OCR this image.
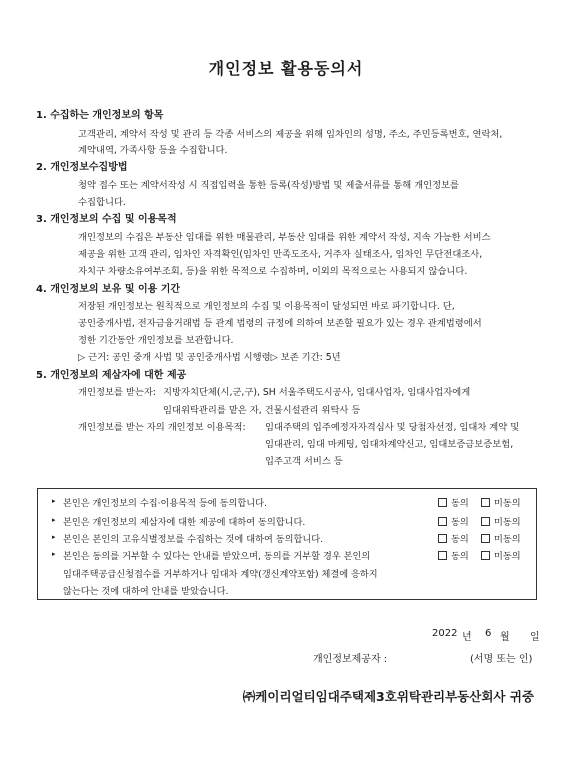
개인정보 활용동의서
1. 수집하는 개인정보의 항목
고객관리, 계약서 작성 및 관리 등 각종 서비스의 제공을 위해 임차인의 성명, 주소, 주민등록번호, 연락처,
계약내역, 가족사항 등을 수집합니다.
2. 개인정보수집방법
청약 접수 또는 계약서작성 시 직접입력을 통한 등록(작성)방법 및 제출서류를 통해 개인정보를
수집합니다.
3. 개인정보의 수집 및 이용목적
개인정보의 수집은 부동산 임대를 위한 매물관리, 부동산 임대를 위한 계약서 작성, 지속 가능한 서비스
제공을 위한 고객 관리, 임차인 자격확인(임차인 만족도조사, 거주자 실태조사, 임차인 무단전대조사,
자치구 차량소유여부조회, 등)을 위한 목적으로 수집하며, 이외의 목적으로는 사용되지 않습니다.
4. 개인정보의 보유 및 이용 기간
저장된 개인정보는 원칙적으로 개인정보의 수집 및 이용목적이 달성되면 바로 파기합니다. 단,
공인중개사법, 전자금융거래법 등 관계 법령의 규정에 의하여 보존할 필요가 있는 경우 관계법령에서
정한 기간동안 개인정보를 보관합니다.
▷ 근거: 공인 중개 사법 및 공인중개사법 시행령▷ 보존 기간: 5년
5. 개인정보의 제삼자에 대한 제공
개인정보를 받는자: 지방자치단체(시,군,구), SH 서울주택도시공사, 임대사업자, 임대사업자에게
임대위탁관리를 맡은 자, 건물시설관리 위탁사 등
개인정보를 받는 자의 개인정보 이용목적: 임대주택의 입주예정자자격심사 및 당첨자선정, 임대차 계약 및
임대관리, 임대 마케팅, 임대차계약신고, 임대보증금보증보험,
입주고객 서비스 등
▸ 본인은 개인정보의 수집·이용목적 등에 동의합니다.	동의	미동의
▸ 본인은 개인정보의 제삼자에 대한 제공에 대하여 동의합니다.	동의	미동의
▸ 본인은 본인의 고유식별정보를 수집하는 것에 대하여 동의합니다.	동의	미동의
▸ 본인은 동의를 거부할 수 있다는 안내를 받았으며, 동의를 거부할 경우 본인의
임대주택공급신청접수를 거부하거나 임대차 계약(갱신계약포함) 체결에 응하지
않는다는 것에 대하여 안내를 받았습니다.
동의	미동의
2022 년 6 월 일
개인정보제공자 :	(서명 또는 인)
㈜케이리얼티임대주택제3호위탁관리부동산회사 귀중
